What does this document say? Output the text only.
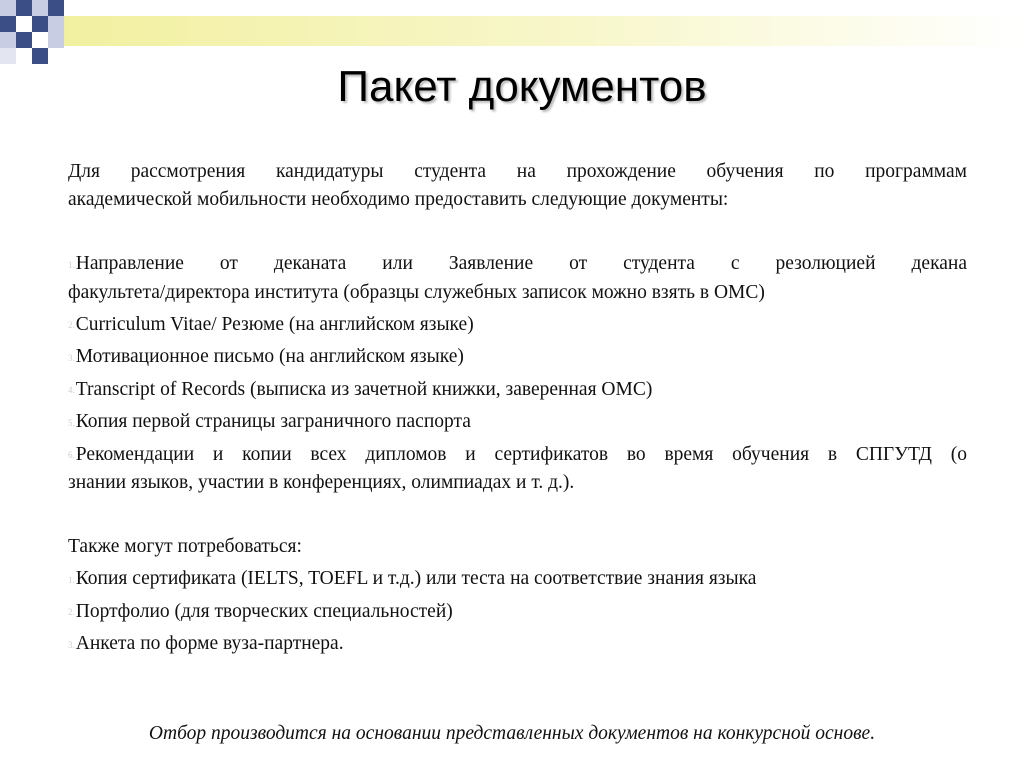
Пакет документов

Для рассмотрения кандидатуры студента на прохождение обучения по программам

академической мобильности необходимо предоставить следующие документы:

1.Направление от деканата или Заявление от студента с резолюцией декана

факультета/директора института (образцы служебных записок можно взять в ОМС)

2.Curriculum Vitae/ Резюме (на английском языке)

3.Мотивационное письмо (на английском языке)

4.Transcript of Records (выписка из зачетной книжки, заверенная ОМС)

5.Копия первой страницы заграничного паспорта

6.Рекомендации и копии всех дипломов и сертификатов во время обучения в СПГУТД (о

знании языков, участии в конференциях, олимпиадах и т. д.).

Также могут потребоваться:

1.Копия сертификата (IELTS, TOEFL и т.д.) или теста на соответствие знания языка

2.Портфолио (для творческих специальностей)

3.Анкета по форме вуза-партнера.

Отбор производится на основании представленных документов на конкурсной основе.
